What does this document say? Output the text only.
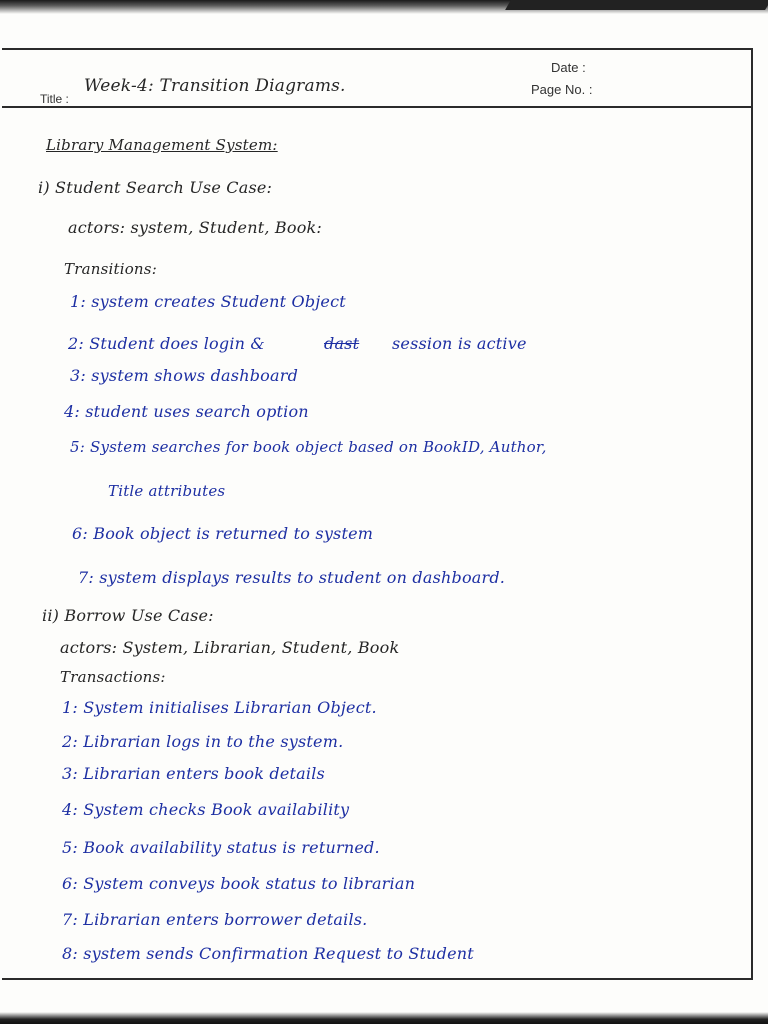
Title :
Date :
Page No. :
Week-4: Transition Diagrams.
Library Management System:
i) Student Search Use Case:
actors: system, Student, Book:
Transitions:
1: system creates Student Object
2: Student does login &	dast session is active
3: system shows dashboard
4: student uses search option
5: System searches for book object based on BookID, Author,
Title attributes
6: Book object is returned to system
7: system displays results to student on dashboard.
ii) Borrow Use Case:
actors: System, Librarian, Student, Book
Transactions:
1: System initialises Librarian Object.
2: Librarian logs in to the system.
3: Librarian enters book details
4: System checks Book availability
5: Book availability status is returned.
6: System conveys book status to librarian
7: Librarian enters borrower details.
8: system sends Confirmation Request to Student
